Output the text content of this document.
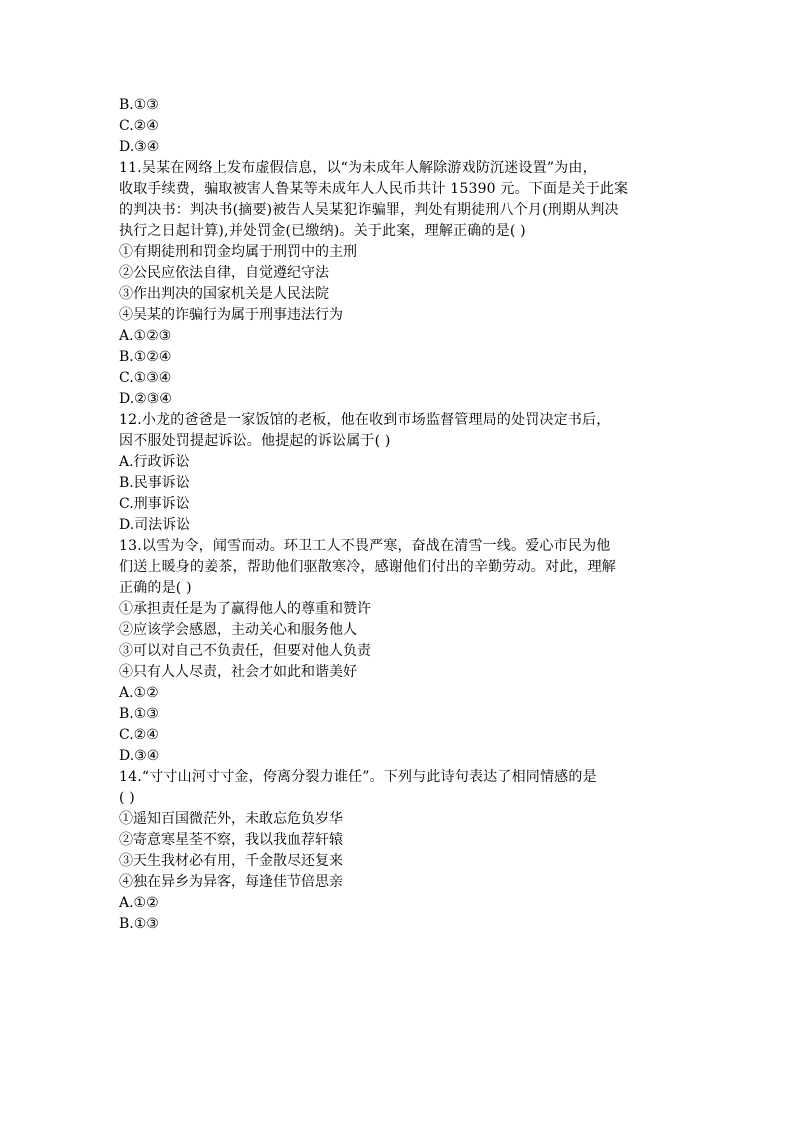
B.①③
C.②④
D.③④
11.吴某在网络上发布虚假信息，以“为未成年人解除游戏防沉迷设置”为由，
收取手续费，骗取被害人鲁某等未成年人人民币共计 15390 元。下面是关于此案
的判决书：判决书(摘要)被告人吴某犯诈骗罪，判处有期徒刑八个月(刑期从判决
执行之日起计算),并处罚金(已缴纳)。关于此案，理解正确的是( )
①有期徒刑和罚金均属于刑罚中的主刑
②公民应依法自律，自觉遵纪守法
③作出判决的国家机关是人民法院
④吴某的诈骗行为属于刑事违法行为
A.①②③
B.①②④
C.①③④
D.②③④
12.小龙的爸爸是一家饭馆的老板，他在收到市场监督管理局的处罚决定书后，
因不服处罚提起诉讼。他提起的诉讼属于( )
A.行政诉讼
B.民事诉讼
C.刑事诉讼
D.司法诉讼
13.以雪为令，闻雪而动。环卫工人不畏严寒，奋战在清雪一线。爱心市民为他
们送上暖身的姜茶，帮助他们驱散寒冷，感谢他们付出的辛勤劳动。对此，理解
正确的是( )
①承担责任是为了赢得他人的尊重和赞许
②应该学会感恩，主动关心和服务他人
③可以对自己不负责任，但要对他人负责
④只有人人尽责，社会才如此和谐美好
A.①②
B.①③
C.②④
D.③④
14.“寸寸山河寸寸金，侉离分裂力谁任”。下列与此诗句表达了相同情感的是
( )
①遥知百国微茫外，未敢忘危负岁华
②寄意寒星荃不察，我以我血荐轩辕
③天生我材必有用，千金散尽还复来
④独在异乡为异客，每逢佳节倍思亲
A.①②
B.①③
